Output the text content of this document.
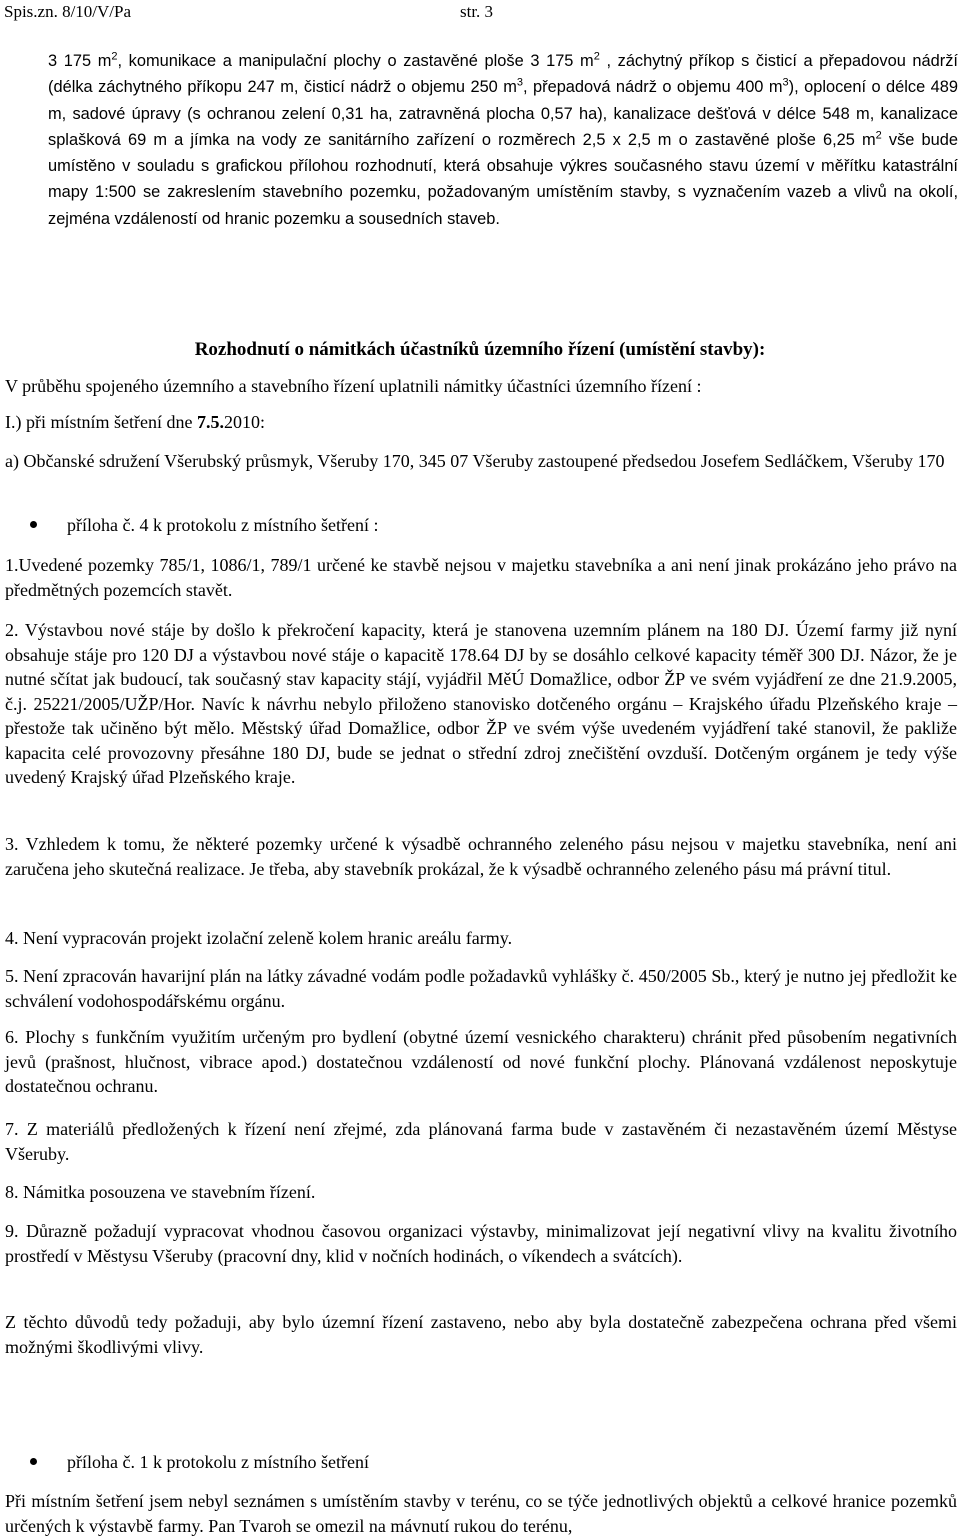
Spis.zn. 8/10/V/Pa	str. 3
3 175 $m^2$, komunikace a manipulační plochy o zastavěné ploše 3 175 $m^2$ , záchytný příkop s čisticí a přepadovou nádrží (délka záchytného příkopu 247 m, čisticí nádrž o objemu 250 $m^3$, přepadová nádrž o objemu 400 $m^3$), oplocení o délce 489 m, sadové úpravy (s ochranou zelení 0,31 ha, zatravněná plocha 0,57 ha), kanalizace dešťová v délce 548 m, kanalizace splašková 69 m a jímka na vody ze sanitárního zařízení o rozměrech 2,5 x 2,5 m o zastavěné ploše 6,25 $m^2$ vše bude umístěno v souladu s grafickou přílohou rozhodnutí, která obsahuje výkres současného stavu území v měřítku katastrální mapy 1:500 se zakreslením stavebního pozemku, požadovaným umístěním stavby, s vyznačením vazeb a vlivů na okolí, zejména vzdáleností od hranic pozemku a sousedních staveb.
Rozhodnutí o námitkách účastníků územního řízení (umístění stavby):
V průběhu spojeného územního a stavebního řízení uplatnili námitky účastníci územního řízení :
I.) při místním šetření dne 7.5.2010:
a) Občanské sdružení Všerubský průsmyk, Všeruby 170, 345 07 Všeruby zastoupené předsedou Josefem Sedláčkem, Všeruby 170
příloha č. 4 k protokolu z místního šetření :
1.Uvedené pozemky 785/1, 1086/1, 789/1 určené ke stavbě nejsou v majetku stavebníka a ani není jinak prokázáno jeho právo na předmětných pozemcích stavět.
2. Výstavbou nové stáje by došlo k překročení kapacity, která je stanovena uzemním plánem na 180 DJ. Území farmy již nyní obsahuje stáje pro 120 DJ a výstavbou nové stáje o kapacitě 178.64 DJ by se dosáhlo celkové kapacity téměř 300 DJ. Názor, že je nutné sčítat jak budoucí, tak současný stav kapacity stájí, vyjádřil MěÚ Domažlice, odbor ŽP ve svém vyjádření ze dne 21.9.2005, č.j. 25221/2005/UŽP/Hor. Navíc k návrhu nebylo přiloženo stanovisko dotčeného orgánu – Krajského úřadu Plzeňského kraje – přestože tak učiněno být mělo. Městský úřad Domažlice, odbor ŽP ve svém výše uvedeném vyjádření také stanovil, že pakliže kapacita celé provozovny přesáhne 180 DJ, bude se jednat o střední zdroj znečištění ovzduší. Dotčeným orgánem je tedy výše uvedený Krajský úřad Plzeňského kraje.
3. Vzhledem k tomu, že některé pozemky určené k výsadbě ochranného zeleného pásu nejsou v majetku stavebníka, není ani zaručena jeho skutečná realizace. Je třeba, aby stavebník prokázal, že k výsadbě ochranného zeleného pásu má právní titul.
4. Není vypracován projekt izolační zeleně kolem hranic areálu farmy.
5. Není zpracován havarijní plán na látky závadné vodám podle požadavků vyhlášky č. 450/2005 Sb., který je nutno jej předložit ke schválení vodohospodářskému orgánu.
6. Plochy s funkčním využitím určeným pro bydlení (obytné území vesnického charakteru) chránit před působením negativních jevů (prašnost, hlučnost, vibrace apod.) dostatečnou vzdáleností od nové funkční plochy. Plánovaná vzdálenost neposkytuje dostatečnou ochranu.
7. Z materiálů předložených k řízení není zřejmé, zda plánovaná farma bude v zastavěném či nezastavěném území Městyse Všeruby.
8. Námitka posouzena ve stavebním řízení.
9. Důrazně požadují vypracovat vhodnou časovou organizaci výstavby, minimalizovat její negativní vlivy na kvalitu životního prostředí v Městysu Všeruby (pracovní dny, klid v nočních hodinách, o víkendech a svátcích).
Z těchto důvodů tedy požaduji, aby bylo územní řízení zastaveno, nebo aby byla dostatečně zabezpečena ochrana před všemi možnými škodlivými vlivy.
příloha č. 1 k protokolu z místního šetření
Při místním šetření jsem nebyl seznámen s umístěním stavby v terénu, co se týče jednotlivých objektů a celkové hranice pozemků určených k výstavbě farmy. Pan Tvaroh se omezil na mávnutí rukou do terénu,
